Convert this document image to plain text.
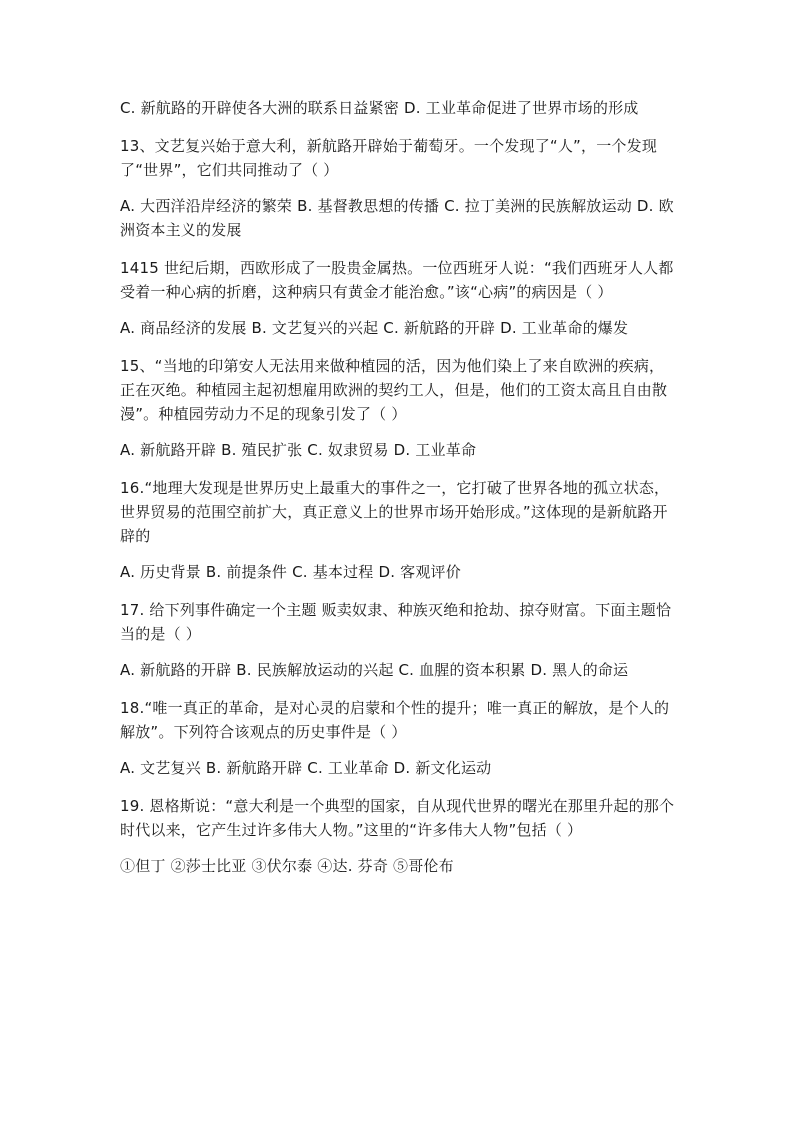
C. 新航路的开辟使各大洲的联系日益紧密 D. 工业革命促进了世界市场的形成

13、文艺复兴始于意大利，新航路开辟始于葡萄牙。一个发现了“人”，一个发现了“世界”，它们共同推动了（ ）

A. 大西洋沿岸经济的繁荣 B. 基督教思想的传播 C. 拉丁美洲的民族解放运动 D. 欧洲资本主义的发展

1415 世纪后期，西欧形成了一股贵金属热。一位西班牙人说：“我们西班牙人人都受着一种心病的折磨，这种病只有黄金才能治愈。”该“心病”的病因是（ ）

A. 商品经济的发展 B. 文艺复兴的兴起 C. 新航路的开辟 D. 工业革命的爆发

15、“当地的印第安人无法用来做种植园的活，因为他们染上了来自欧洲的疾病，正在灭绝。种植园主起初想雇用欧洲的契约工人，但是，他们的工资太高且自由散漫”。种植园劳动力不足的现象引发了（ ）

A. 新航路开辟 B. 殖民扩张 C. 奴隶贸易 D. 工业革命

16.“地理大发现是世界历史上最重大的事件之一，它打破了世界各地的孤立状态，世界贸易的范围空前扩大，真正意义上的世界市场开始形成。”这体现的是新航路开辟的

A. 历史背景 B. 前提条件 C. 基本过程 D. 客观评价

17. 给下列事件确定一个主题 贩卖奴隶、种族灭绝和抢劫、掠夺财富。下面主题恰当的是（ ）

A. 新航路的开辟 B. 民族解放运动的兴起 C. 血腥的资本积累 D. 黑人的命运

18.“唯一真正的革命，是对心灵的启蒙和个性的提升；唯一真正的解放，是个人的解放”。下列符合该观点的历史事件是（ ）

A. 文艺复兴 B. 新航路开辟 C. 工业革命 D. 新文化运动

19. 恩格斯说：“意大利是一个典型的国家，自从现代世界的曙光在那里升起的那个时代以来，它产生过许多伟大人物。”这里的“许多伟大人物”包括（ ）

①但丁 ②莎士比亚 ③伏尔泰 ④达. 芬奇 ⑤哥伦布
